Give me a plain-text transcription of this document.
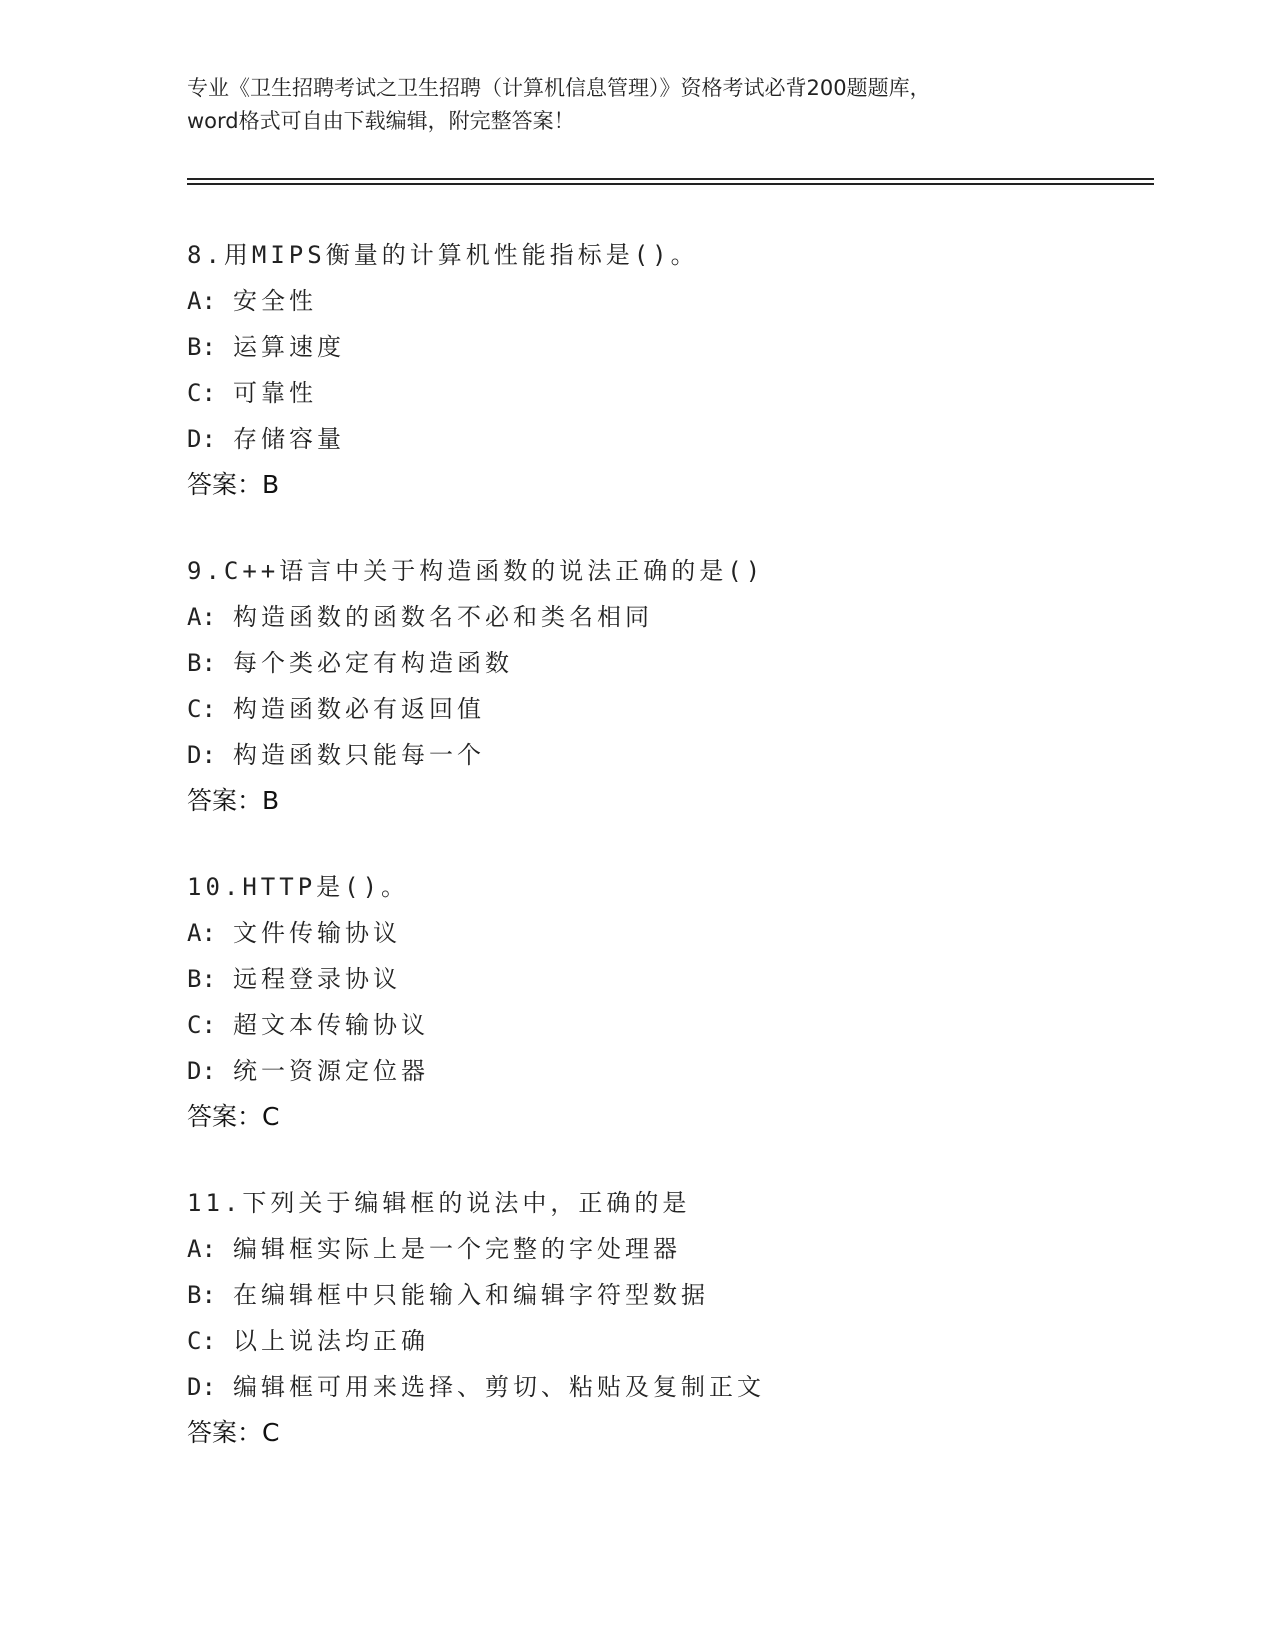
专业《卫生招聘考试之卫生招聘（计算机信息管理）》资格考试必背200题题库，
word格式可自由下载编辑，附完整答案！
8.用MIPS衡量的计算机性能指标是()。
A: 安全性
B: 运算速度
C: 可靠性
D: 存储容量
答案：B
9.C++语言中关于构造函数的说法正确的是()
A: 构造函数的函数名不必和类名相同
B: 每个类必定有构造函数
C: 构造函数必有返回值
D: 构造函数只能每一个
答案：B
10.HTTP是()。
A: 文件传输协议
B: 远程登录协议
C: 超文本传输协议
D: 统一资源定位器
答案：C
11.下列关于编辑框的说法中，正确的是
A: 编辑框实际上是一个完整的字处理器
B: 在编辑框中只能输入和编辑字符型数据
C: 以上说法均正确
D: 编辑框可用来选择、剪切、粘贴及复制正文
答案：C
